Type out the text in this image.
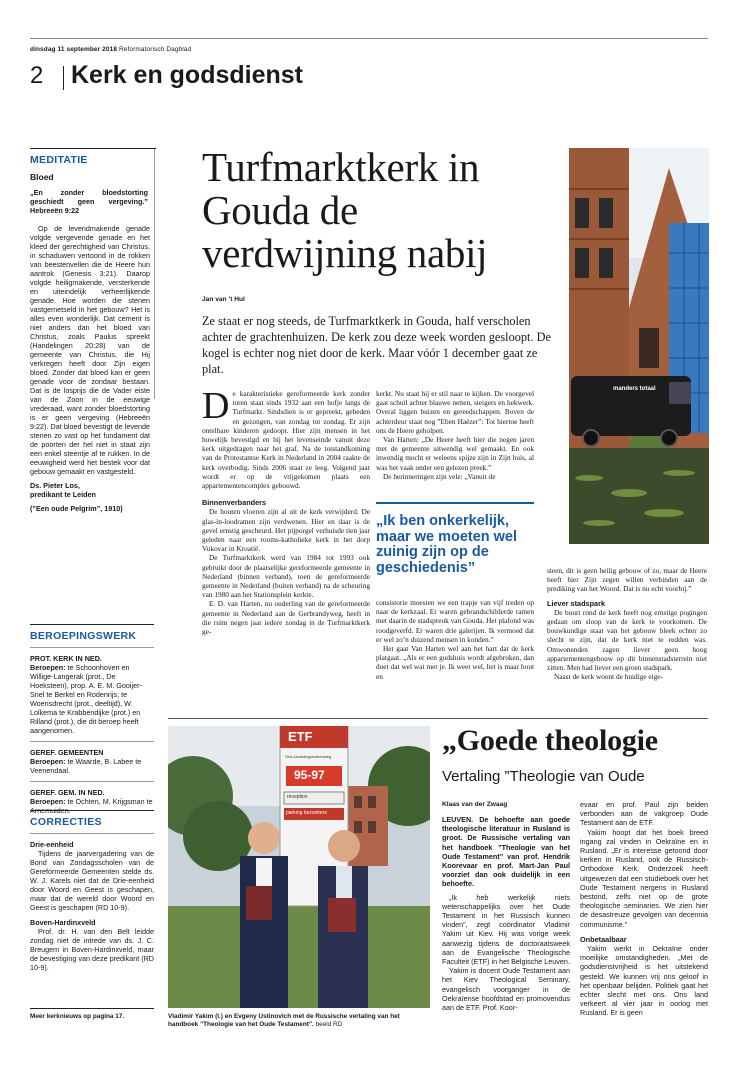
dinsdag 11 september 2018 Reformatorisch Dagblad
2 Kerk en godsdienst
MEDITATIE
Bloed
„En zonder bloedstorting geschiedt geen vergeving.” Hebreeën 9:22
Op de levendmakende genade volgde vergevende genade en het kleed der gerechtigheid van Christus, in schaduwen vertoond in de rokken van beestenvellen die de Heere hun aantrok (Genesis 3:21). Daarop volgde heiligmakende, versterkende en uiteindelijk verheerlijkende genade. Hoe worden die stenen vastgemetseld in het gebouw? Het is alles even wonderlijk. Dat cement is niet anders dan het bloed van Christus, zoals Paulus spreekt (Handelingen 20:28) van de gemeente van Christus, die Hij verkregen heeft door Zijn eigen bloed. Zonder dat bloed kan er geen genade voor de zondaar bestaan. Dat is de losprijs die de Vader eiste van de Zoon in de eeuwige vrederaad, want zonder bloedstorting is er geen vergeving (Hebreeën 9:22). Dat bloed bevestigt de levende stenen zo vast op het fundament dat de poorten der hel niet in staat zijn een enkel steentje af te rukken. In de eeuwigheid werd het bestek voor dat gebouw gemaakt en vastgesteld.
Ds. Pieter Los,
predikant te Leiden
(”Een oude Pelgrim”, 1910)
BEROEPINGSWERK
PROT. KERK IN NED.
Beroepen: te Schoonhoven en Willige-Langerak (prot., De Hoeksteen), prop. A. E. M. Gooijer-Snel te Berkel en Rodenrijs; te Woensdrecht (prot., deeltijd), W. Lolkema te Krabbendijke (prot.) en Rilland (prot.), die dit beroep heeft aangenomen.
GEREF. GEMEENTEN
Beroepen: te Waarde, B. Labee te Veenendaal.
GEREF. GEM. IN NED.
Beroepen: te Ochten, M. Krijgsman te Arnemuiden.
CORRECTIES
Drie-eenheid
Tijdens de jaarvergadering van de Bond van Zondagsscholen van de Gereformeerde Gemeenten stelde ds. W. J. Karels niet dat de Drie-eenheid door Woord en Geest is geschapen, maar dat de wereld door Woord en Geest is geschapen (RD 10-9).
Boven-Hardinxveld
Prof. dr. H. van den Belt leidde zondag niet de intrede van ds. J. C. Breugem in Boven-Hardinxveld, maar de bevestiging van deze predikant (RD 10-9).
Meer kerknieuws op pagina 17.
Turfmarktkerk in Gouda de verdwijning nabij
Jan van ’t Hul
Ze staat er nog steeds, de Turfmarktkerk in Gouda, half verscholen achter de grachtenhuizen. De kerk zou deze week worden gesloopt. De kogel is echter nog niet door de kerk. Maar vóór 1 december gaat ze plat.
manders totaal
D e karakteristieke gereformeerde kerk zonder toren staat sinds 1932 aan een hofje langs de Turfmarkt. Sindsdien is er gepreekt, gebeden en gezongen, van zondag tot zondag. Er zijn ontelbare kinderen gedoopt. Hier zijn mensen in het huwelijk bevestigd en bij het levenseinde vanuit deze kerk uitgedragen naar het graf. Na de totstandkoming van de Protestantse Kerk in Nederland in 2004 raakte de kerk overbodig. Sinds 2006 staat ze leeg. Volgend jaar wordt er op de vrijgekomen plaats een appartementencomplex gebouwd.

Binnenverbanders

De houten vloeren zijn al uit de kerk verwijderd. De glas-in-loodramen zijn verdwenen. Hier en daar is de gevel ernstig gescheurd. Het pijporgel verhuisde tien jaar geleden naar een rooms-katholieke kerk in het dorp Vukovar in Kroatië.

De Turfmarktkerk werd van 1984 tot 1993 ook gebruikt door de plaatselijke gereformeerde gemeente in Nederland (binnen verband), toen de gereformeerde gemeente in Nederland (buiten verband) na de scheuring van 1980 aan het Stationsplein kerkte.

E. D. van Harten, nu ouderling van de gereformeerde gemeente in Nederland aan de Gerbrandyweg, heeft in die ruim negen jaar iedere zondag in de Turfmarktkerk ge-

kerkt. Nu staat hij er stil naar te kijken. De voorgevel gaat schuil achter blauwe netten, steigers en hekwerk. Overal liggen buizen en gereedschappen. Boven de achterdeur staat nog ”Eben Haëzer”: Tot hiertoe heeft ons de Heere geholpen.

Van Harten: „De Heere heeft hier die negen jaren met de gemeente uitwendig wel gemaakt. En ook inwendig mocht er weleens spijze zijn in Zijn huis, al was het vaak onder een gelezen preek.”

De herinneringen zijn vele: „Vanuit de

„Ik ben onkerkelijk, maar we moeten wel zuinig zijn op de geschiedenis”

consistorie moesten we een trapje van vijf treden op naar de kerkzaal. Er waren gebrandschilderde ramen met daarin de stadspreuk van Gouda. Het plafond was roodgeverfd. Er waren drie galerijen. Ik vermoed dat er wel zo’n duizend mensen in konden.”

Het gaat Van Harten wel aan het hart dat de kerk platgaat. „Als er een godshuis wordt afgebroken, dan doet dat wel wat met je. Ik weet wel, het is maar hout en

steen, dit is geen heilig gebouw of zo, maar de Heere heeft hier Zijn zegen willen verbinden aan de prediking van het Woord. Dat is nu echt voorbij.”

Liever stadspark

De buurt rond de kerk heeft nog ernstige pogingen gedaan om sloop van de kerk te voorkomen. De bouwkundige staat van het gebouw bleek echter zo slecht te zijn, dat de kerk niet te redden was. Omwonenden zagen liever geen hoog appartementengebouw op dit binnenstadsterrein niet zitten. Men had liever een groen stadspark.

Naast de kerk woont de huidige eige-

ETF
Sint-Jansbergsesteenweg
95-97
reception
parking bezoekers
Vladimir Yakim (l.) en Evgeny Ustinovich met de Russische vertaling van het handboek ”Theologie van het Oude Testament”. beeld RD
„Goede theologie
Vertaling ”Theologie van Oude
Klaas van der Zwaag

LEUVEN. De behoefte aan goede theologische literatuur in Rusland is groot. De Russische vertaling van het handboek ”Theologie van het Oude Testament” van prof. Hendrik Koorevaar en prof. Mart-Jan Paul voorziet dan ook duidelijk in een behoefte.

„Ik heb werkelijk niets wetenschappelijks over het Oude Testament in het Russisch kunnen vinden”, zegt coördinator Vladimir Yakim uit Kiev. Hij was vorige week aanwezig tijdens de doctoraatsweek aan de Evangelische Theologische Faculteit (ETF) in het Belgische Leuven.

Yakim is docent Oude Testament aan het Kiev Theological Seminary, evangelisch voorganger in de Oekraïense hoofdstad en promovendus aan de ETF. Prof. Koor-

evaar en prof. Paul zijn beiden verbonden aan de vakgroep Oude Testament aan de ETF.

Yakim hoopt dat het boek breed ingang zal vinden in Oekraïne en in Rusland. „Er is interesse getoond door kerken in Rusland, ook de Russisch-Orthodoxe Kerk. Onderzoek heeft uitgewezen dat een studieboek over het Oude Testament nergens in Rusland bestond, zelfs niet op de grote theologische seminaries. We zien hier de desastreuze gevolgen van decennia communisme.”

Onbetaalbaar

Yakim werkt in Oekraïne onder moeilijke omstandigheden. „Met de godsdienstvrijheid is het uitstekend gesteld. We kunnen vrij ons geloof in het openbaar belijden. Politiek gaat het echter slecht met ons. Ons land verkeert al vier jaar in oorlog met Rusland. Er is geen
